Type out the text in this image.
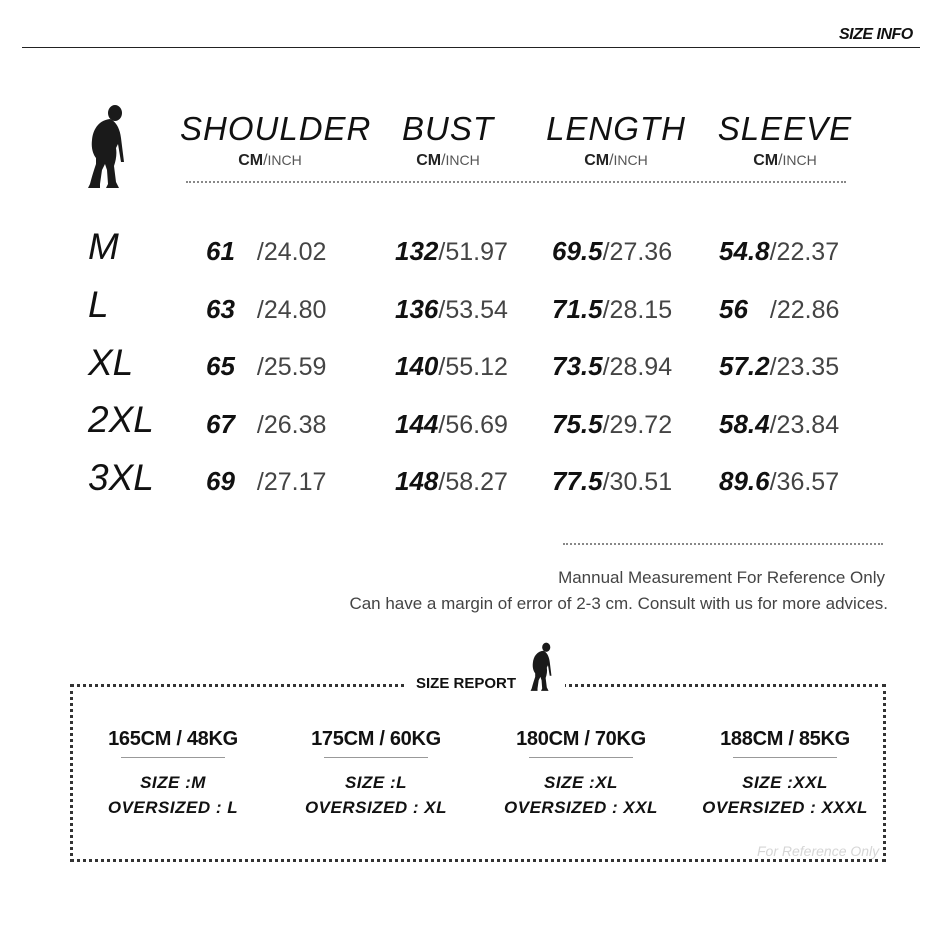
SIZE INFO
SHOULDER
CM/INCH
BUST
CM/INCH
LENGTH
CM/INCH
SLEEVE
CM/INCH
M	61 /24.02	132/51.97 69.5/27.36 54.8/22.37
L	63 /24.80	136/53.54 71.5/28.15 56 /22.86
XL	65 /25.59	140/55.12 73.5/28.94 57.2/23.35
2XL 67 /26.38	144/56.69 75.5/29.72 58.4/23.84
3XL 69 /27.17	148/58.27 77.5/30.51 89.6/36.57
Mannual Measurement For Reference Only
Can have a margin of error of 2-3 cm. Consult with us for more advices.
SIZE REPORT
165CM / 48KG
SIZE :M
OVERSIZED : L
175CM / 60KG
SIZE :L
OVERSIZED : XL
180CM / 70KG
SIZE :XL
OVERSIZED : XXL
188CM / 85KG
SIZE :XXL
OVERSIZED : XXXL
For Reference Only
